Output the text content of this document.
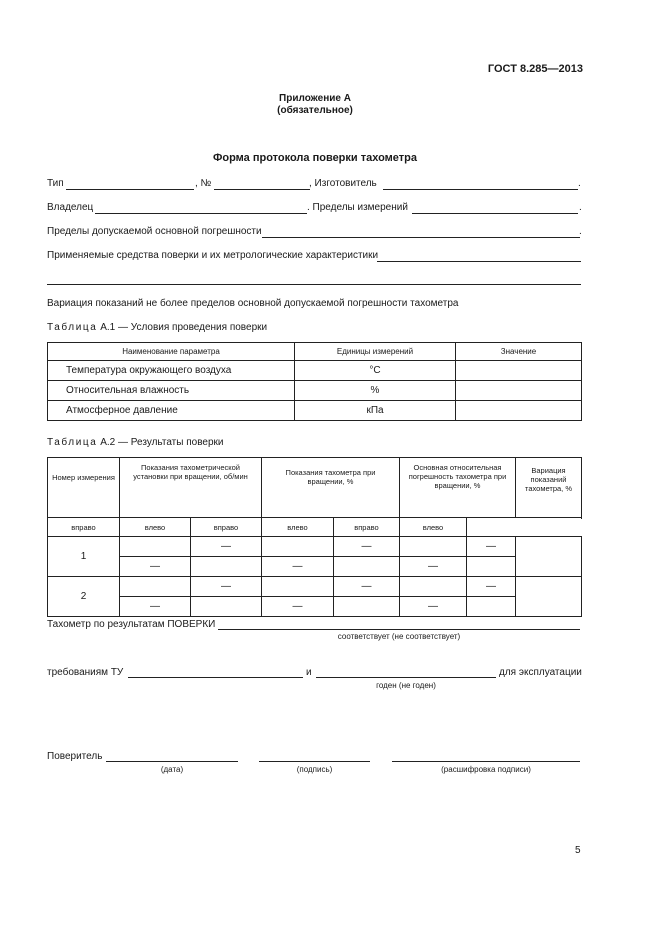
ГОСТ 8.285—2013
Приложение А
(обязательное)
Форма протокола поверки тахометра
Тип	, №	, Изготовитель	.
Владелец	. Пределы измерений	.
Пределы допускаемой основной погрешности	.
Применяемые средства поверки и их метрологические характеристики
Вариация показаний не более пределов основной допускаемой погрешности тахометра
Таблица А.1 — Условия проведения поверки
Наименование параметра	Единицы измерений	Значение
Температура окружающего воздуха	°C	
Относительная влажность	%	
Атмосферное давление	кПа	
Таблица А.2 — Результаты поверки
Номер измерения	Показания тахометрической установки при вращении, об/мин		Показания тахометра при вращении, %		Основная относительная погрешность тахометра при вращении, %		Вариация показаний тахометра, %

вправо	влево	вправо	влево	вправо	влево		
1		—		—		—	
	—		—		—		
2		—		—		—	
	—		—		—		
Тахометр по результатам ПОВЕРКИ
соответствует (не соответствует)
требованиям ТУ	и	для эксплуатации
годен (не годен)
Поверитель
(дата)	(подпись)	(расшифровка подписи)
5
